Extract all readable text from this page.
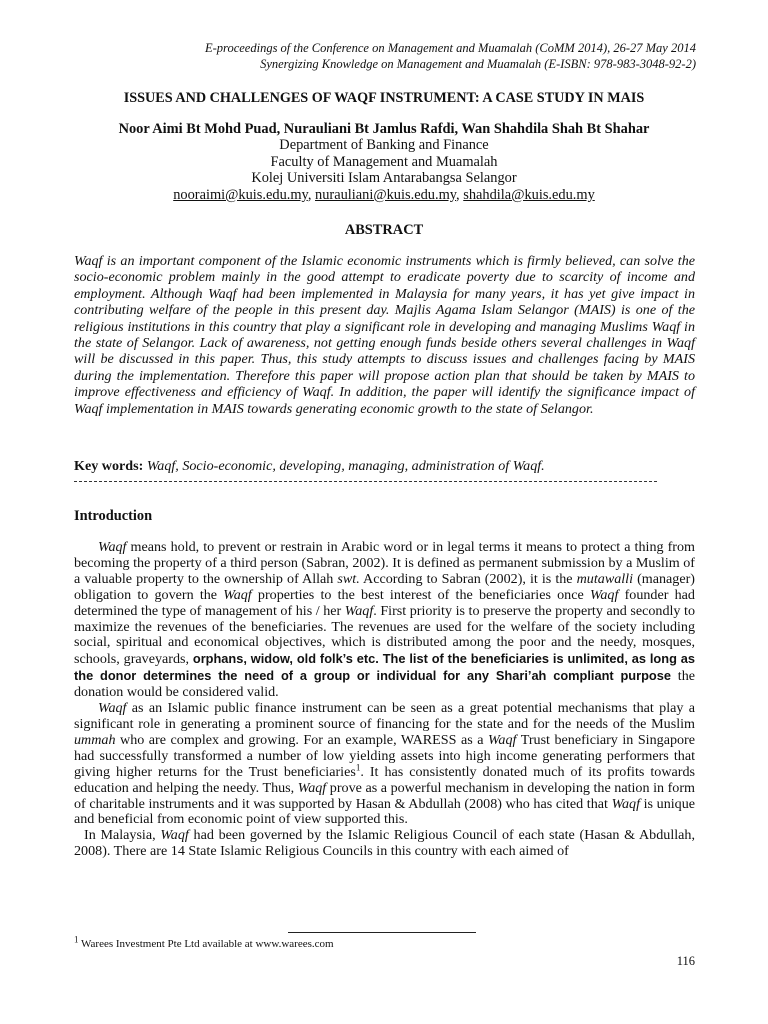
E-proceedings of the Conference on Management and Muamalah (CoMM 2014), 26-27 May 2014
Synergizing Knowledge on Management and Muamalah (E-ISBN: 978-983-3048-92-2)
ISSUES AND CHALLENGES OF WAQF INSTRUMENT: A CASE STUDY IN MAIS
Noor Aimi Bt Mohd Puad, Nurauliani Bt Jamlus Rafdi, Wan Shahdila Shah Bt Shahar
Department of Banking and Finance
Faculty of Management and Muamalah
Kolej Universiti Islam Antarabangsa Selangor
nooraimi@kuis.edu.my, nurauliani@kuis.edu.my, shahdila@kuis.edu.my
ABSTRACT

Waqf is an important component of the Islamic economic instruments which is firmly believed, can solve the socio-economic problem mainly in the good attempt to eradicate poverty due to scarcity of income and employment. Although Waqf had been implemented in Malaysia for many years, it has yet give impact in contributing welfare of the people in this present day. Majlis Agama Islam Selangor (MAIS) is one of the religious institutions in this country that play a significant role in developing and managing Muslims Waqf in the state of Selangor. Lack of awareness, not getting enough funds beside others several challenges in Waqf will be discussed in this paper. Thus, this study attempts to discuss issues and challenges facing by MAIS during the implementation. Therefore this paper will propose action plan that should be taken by MAIS to improve effectiveness and efficiency of Waqf. In addition, the paper will identify the significance impact of Waqf implementation in MAIS towards generating economic growth to the state of Selangor.

Key words: Waqf, Socio-economic, developing, managing, administration of Waqf.

Introduction

Waqf means hold, to prevent or restrain in Arabic word or in legal terms it means to protect a thing from becoming the property of a third person (Sabran, 2002). It is defined as permanent submission by a Muslim of a valuable property to the ownership of Allah swt. According to Sabran (2002), it is the mutawalli (manager) obligation to govern the Waqf properties to the best interest of the beneficiaries once Waqf founder had determined the type of management of his / her Waqf. First priority is to preserve the property and secondly to maximize the revenues of the beneficiaries. The revenues are used for the welfare of the society including social, spiritual and economical objectives, which is distributed among the poor and the needy, mosques, schools, graveyards, orphans, widow, old folk’s etc. The list of the beneficiaries is unlimited, as long as the donor determines the need of a group or individual for any Shari’ah compliant purpose the donation would be considered valid.

Waqf as an Islamic public finance instrument can be seen as a great potential mechanisms that play a significant role in generating a prominent source of financing for the state and for the needs of the Muslim ummah who are complex and growing. For an example, WARESS as a Waqf Trust beneficiary in Singapore had successfully transformed a number of low yielding assets into high income generating performers that giving higher returns for the Trust beneficiaries$^1$. It has consistently donated much of its profits towards education and helping the needy. Thus, Waqf prove as a powerful mechanism in developing the nation in form of charitable instruments and it was supported by Hasan & Abdullah (2008) who has cited that Waqf is unique and beneficial from economic point of view supported this.

In Malaysia, Waqf had been governed by the Islamic Religious Council of each state (Hasan & Abdullah, 2008). There are 14 State Islamic Religious Councils in this country with each aimed of

$^1$ Warees Investment Pte Ltd available at www.warees.com
116
